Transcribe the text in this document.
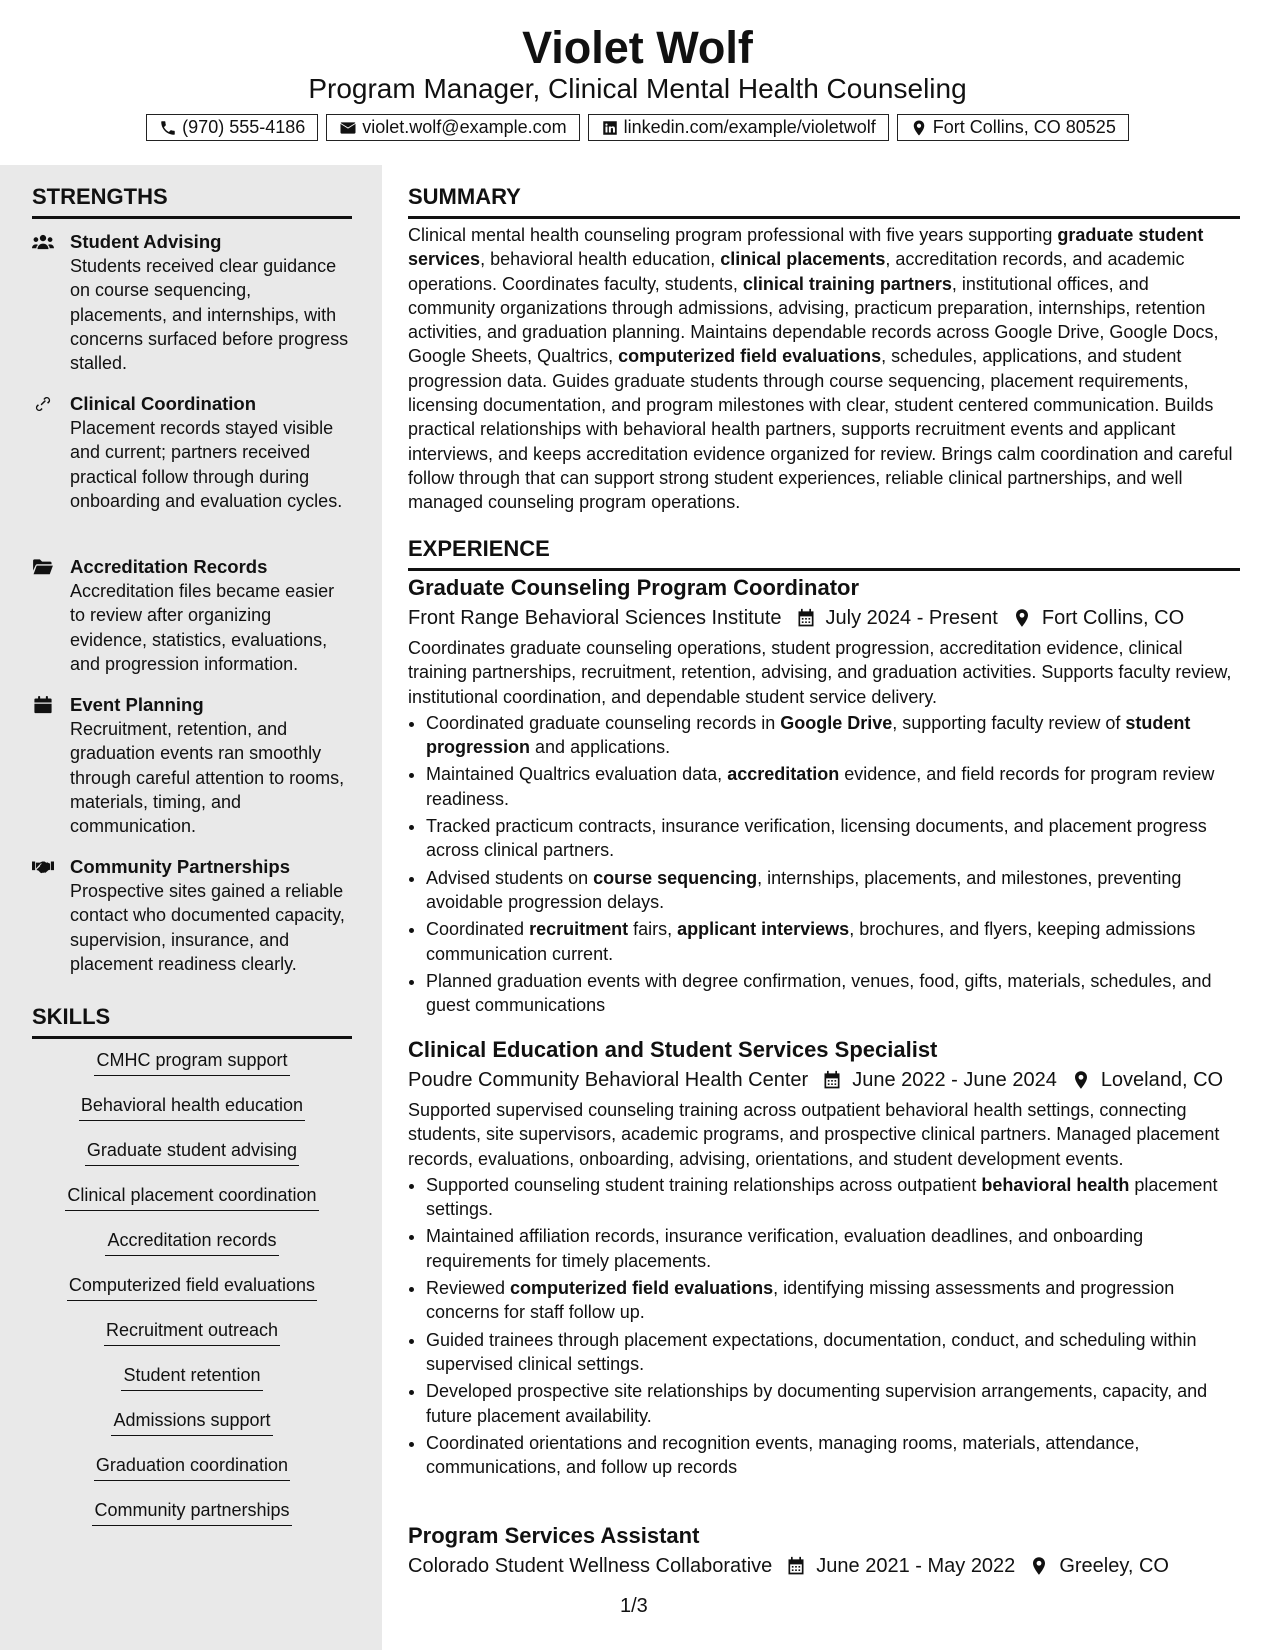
Violet Wolf
Program Manager, Clinical Mental Health Counseling
(970) 555-4186	violet.wolf@example.com	linkedin.com/example/violetwolf	Fort Collins, CO 80525
STRENGTHS
Student Advising
Students received clear guidance on course sequencing, placements, and internships, with concerns surfaced before progress stalled.
Clinical Coordination
Placement records stayed visible and current; partners received practical follow through during onboarding and evaluation cycles.
Accreditation Records
Accreditation files became easier to review after organizing evidence, statistics, evaluations, and progression information.
Event Planning
Recruitment, retention, and graduation events ran smoothly through careful attention to rooms, materials, timing, and communication.
Community Partnerships
Prospective sites gained a reliable contact who documented capacity, supervision, insurance, and placement readiness clearly.
SKILLS
CMHC program support
Behavioral health education
Graduate student advising
Clinical placement coordination
Accreditation records
Computerized field evaluations
Recruitment outreach
Student retention
Admissions support
Graduation coordination
Community partnerships
SUMMARY

Clinical mental health counseling program professional with five years supporting graduate student services, behavioral health education, clinical placements, accreditation records, and academic operations. Coordinates faculty, students, clinical training partners, institutional offices, and community organizations through admissions, advising, practicum preparation, internships, retention activities, and graduation planning. Maintains dependable records across Google Drive, Google Docs, Google Sheets, Qualtrics, computerized field evaluations, schedules, applications, and student progression data. Guides graduate students through course sequencing, placement requirements, licensing documentation, and program milestones with clear, student centered communication. Builds practical relationships with behavioral health partners, supports recruitment events and applicant interviews, and keeps accreditation evidence organized for review. Brings calm coordination and careful follow through that can support strong student experiences, reliable clinical partnerships, and well managed counseling program operations.

EXPERIENCE
Graduate Counseling Program Coordinator
Front Range Behavioral Sciences Institute July 2024 - Present Fort Collins, CO

Coordinates graduate counseling operations, student progression, accreditation evidence, clinical training partnerships, recruitment, retention, advising, and graduation activities. Supports faculty review, institutional coordination, and dependable student service delivery.

• Coordinated graduate counseling records in Google Drive, supporting faculty review of student progression and applications.
• Maintained Qualtrics evaluation data, accreditation evidence, and field records for program review readiness.
• Tracked practicum contracts, insurance verification, licensing documents, and placement progress across clinical partners.
• Advised students on course sequencing, internships, placements, and milestones, preventing avoidable progression delays.
• Coordinated recruitment fairs, applicant interviews, brochures, and flyers, keeping admissions communication current.
• Planned graduation events with degree confirmation, venues, food, gifts, materials, schedules, and guest communications
Clinical Education and Student Services Specialist
Poudre Community Behavioral Health Center June 2022 - June 2024 Loveland, CO

Supported supervised counseling training across outpatient behavioral health settings, connecting students, site supervisors, academic programs, and prospective clinical partners. Managed placement records, evaluations, onboarding, advising, orientations, and student development events.

• Supported counseling student training relationships across outpatient behavioral health placement settings.
• Maintained affiliation records, insurance verification, evaluation deadlines, and onboarding requirements for timely placements.
• Reviewed computerized field evaluations, identifying missing assessments and progression concerns for staff follow up.
• Guided trainees through placement expectations, documentation, conduct, and scheduling within supervised clinical settings.
• Developed prospective site relationships by documenting supervision arrangements, capacity, and future placement availability.
• Coordinated orientations and recognition events, managing rooms, materials, attendance, communications, and follow up records
Program Services Assistant
Colorado Student Wellness Collaborative June 2021 - May 2022 Greeley, CO
1/3
